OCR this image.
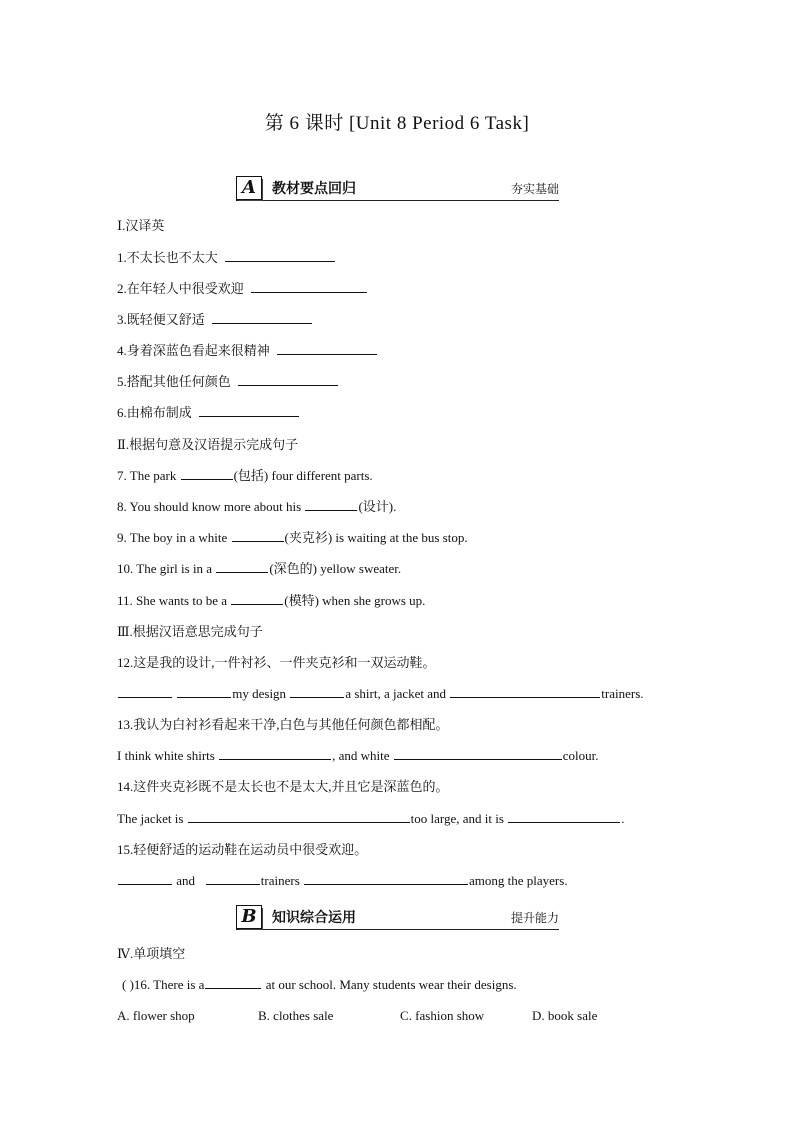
第 6 课时 [Unit 8 Period 6 Task]
A	教材要点回归	夯实基础
Ⅰ.汉译英
1.不太长也不太大
2.在年轻人中很受欢迎
3.既轻便又舒适
4.身着深蓝色看起来很精神
5.搭配其他任何颜色
6.由棉布制成
Ⅱ.根据句意及汉语提示完成句子
7. The park	(包括) four different parts.
8. You should know more about his	(设计).
9. The boy in a white	(夹克衫) is waiting at the bus stop.
10. The girl is in a	(深色的) yellow sweater.
11. She wants to be a	(模特) when she grows up.
Ⅲ.根据汉语意思完成句子
12.这是我的设计,一件衬衫、一件夹克衫和一双运动鞋。
my design	a shirt, a jacket and	trainers.
13.我认为白衬衫看起来干净,白色与其他任何颜色都相配。
I think white shirts	, and white	colour.
14.这件夹克衫既不是太长也不是太大,并且它是深蓝色的。
The jacket is	too large, and it is	.
15.轻便舒适的运动鞋在运动员中很受欢迎。
and	trainers	among the players.
B	知识综合运用	提升能力
Ⅳ.单项填空
( )16. There is a	at our school. Many students wear their designs.
A. flower shop	B. clothes sale	C. fashion show	D. book sale
